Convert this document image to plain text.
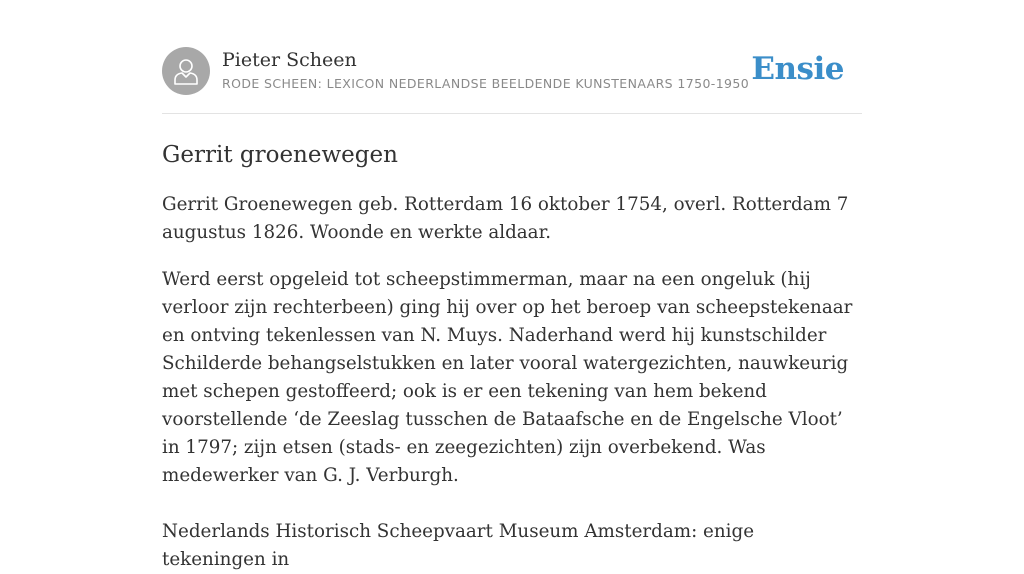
Pieter Scheen
RODE SCHEEN: LEXICON NEDERLANDSE BEELDENDE KUNSTENAARS 1750-1950 Ensie
Gerrit groenewegen

Gerrit Groenewegen geb. Rotterdam 16 oktober 1754, overl. Rotterdam 7 augustus 1826. Woonde en werkte aldaar.

Werd eerst opgeleid tot scheepstimmerman, maar na een ongeluk (hij verloor zijn rechterbeen) ging hij over op het beroep van scheepstekenaar en ontving tekenlessen van N. Muys. Naderhand werd hij kunstschilder Schilderde behangselstukken en later vooral watergezichten, nauwkeurig met schepen gestoffeerd; ook is er een tekening van hem bekend voorstellende ‘de Zeeslag tusschen de Bataafsche en de Engelsche Vloot’ in 1797; zijn etsen (stads- en zeegezichten) zijn overbekend. Was medewerker van G. J. Verburgh.

Nederlands Historisch Scheepvaart Museum Amsterdam: enige tekeningen in
